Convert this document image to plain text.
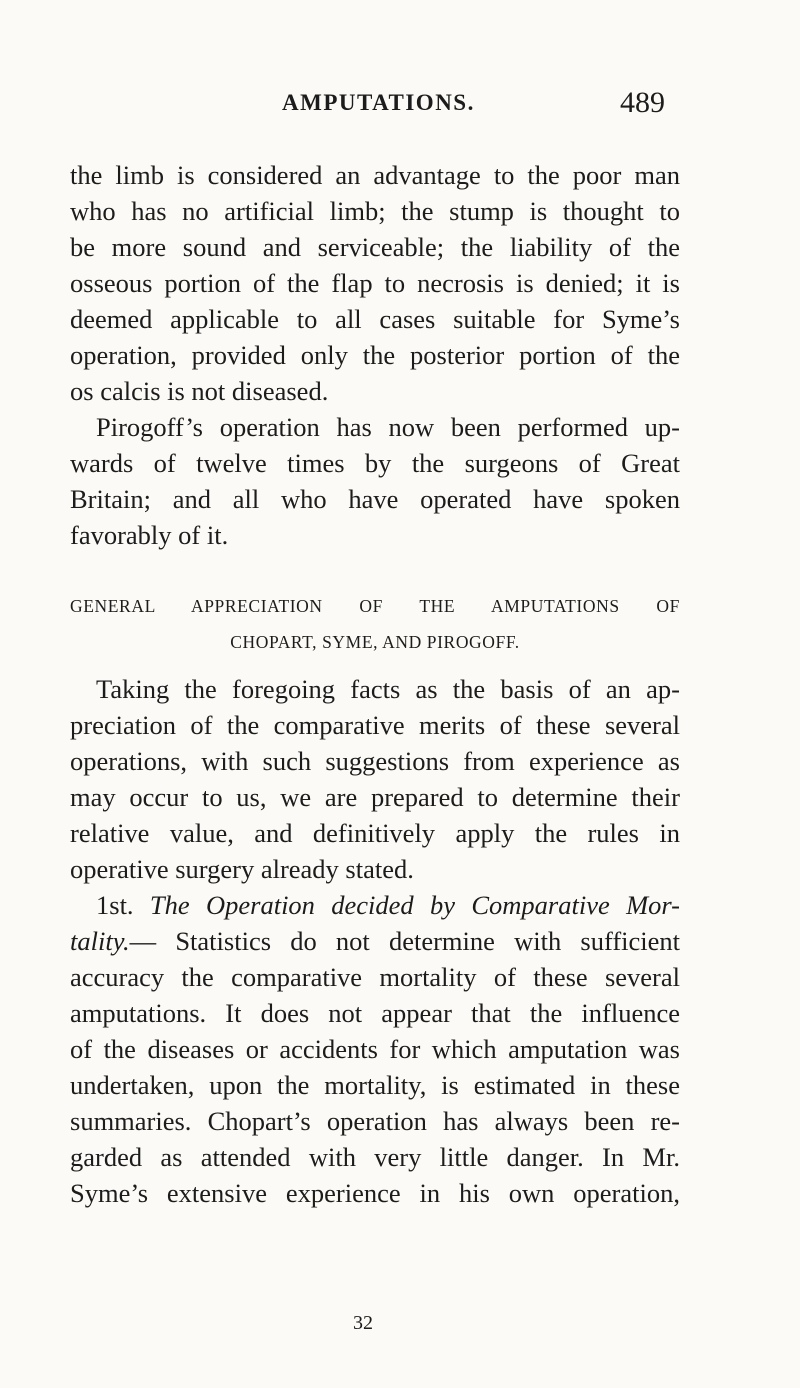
AMPUTATIONS.	489
the limb is considered an advantage to the poor man
who has no artificial limb; the stump is thought to
be more sound and serviceable; the liability of the
osseous portion of the flap to necrosis is denied; it is
deemed applicable to all cases suitable for Syme’s
operation, provided only the posterior portion of the
os calcis is not diseased.
Pirogoff’s operation has now been performed up-
wards of twelve times by the surgeons of Great
Britain; and all who have operated have spoken
favorably of it.
GENERAL APPRECIATION OF THE AMPUTATIONS OF
CHOPART, SYME, AND PIROGOFF.
Taking the foregoing facts as the basis of an ap-
preciation of the comparative merits of these several
operations, with such suggestions from experience as
may occur to us, we are prepared to determine their
relative value, and definitively apply the rules in
operative surgery already stated.
1st. The Operation decided by Comparative Mor-
tality.— Statistics do not determine with sufficient
accuracy the comparative mortality of these several
amputations. It does not appear that the influence
of the diseases or accidents for which amputation was
undertaken, upon the mortality, is estimated in these
summaries. Chopart’s operation has always been re-
garded as attended with very little danger. In Mr.
Syme’s extensive experience in his own operation,
32
